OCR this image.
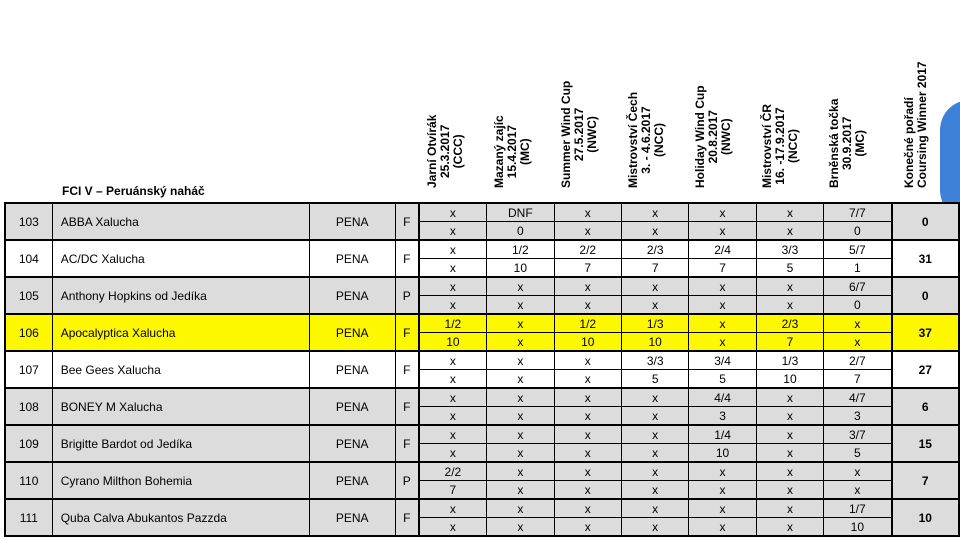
Jarní Otvírák 25.3.2017 (CCC) Mazaný zajíc 15.4.2017 (MC) Summer Wind Cup 27.5.2017 (NWC) Mistrovství Čech 3. - 4.6.2017 (NCC) Holiday Wind Cup 20.8.2017 (NWC) Mistrovství ČR 16. -17.9.2017 (NCC) Brněnská točka 30.9.2017 (MC)	Konečné pořadí Coursing Winner 2017
FCI V – Peruánský naháč
103	ABBA Xalucha	PENA	F	x	DNF	x	x	x	x	7/7	0
				x	0	x	x	x	x	0	
104	AC/DC Xalucha	PENA	F	x	1/2	2/2	2/3	2/4	3/3	5/7	31
				x	10	7	7	7	5	1	
105	Anthony Hopkins od Jedíka	PENA	P	x	x	x	x	x	x	6/7	0
				x	x	x	x	x	x	0	
106	Apocalyptica Xalucha	PENA	F	1/2	x	1/2	1/3	x	2/3	x	37
				10	x	10	10	x	7	x	
107	Bee Gees Xalucha	PENA	F	x	x	x	3/3	3/4	1/3	2/7	27
				x	x	x	5	5	10	7	
108	BONEY M Xalucha	PENA	F	x	x	x	x	4/4	x	4/7	6
				x	x	x	x	3	x	3	
109	Brigitte Bardot od Jedíka	PENA	F	x	x	x	x	1/4	x	3/7	15
				x	x	x	x	10	x	5	
110	Cyrano Milthon Bohemia	PENA	P	2/2	x	x	x	x	x	x	7
				7	x	x	x	x	x	x	
111	Quba Calva Abukantos Pazzda	PENA	F	x	x	x	x	x	x	1/7	10
				x	x	x	x	x	x	10	
